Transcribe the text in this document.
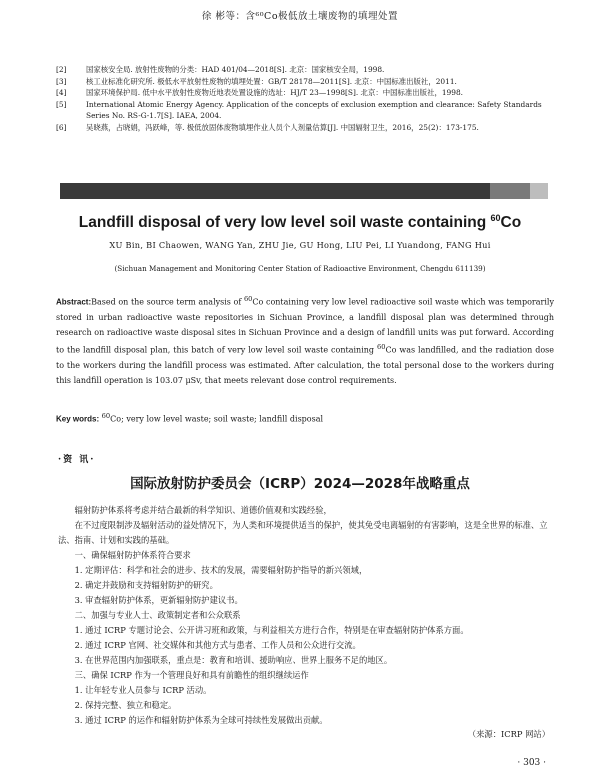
徐 彬等：含⁶⁰Co极低放土壤废物的填埋处置
[2]	国家核安全局. 放射性废物的分类：HAD 401/04—2018[S]. 北京：国家核安全局，1998.
[3]	核工业标准化研究所. 极低水平放射性废物的填埋处置：GB/T 28178—2011[S]. 北京：中国标准出版社，2011.
[4]	国家环境保护局. 低中水平放射性废物近地表处置设施的选址：HJ/T 23—1998[S]. 北京：中国标准出版社，1998.
[5]	International Atomic Energy Agency. Application of the concepts of exclusion exemption and clearance: Safety Standards Series No. RS-G-1.7[S]. IAEA, 2004.
[6]	吴晓燕，占晓娟，冯跃峰，等. 极低放固体废物填埋作业人员个人剂量估算[J]. 中国辐射卫生，2016，25(2)：173-175.
Landfill disposal of very low level soil waste containing $^{60}$Co
XU Bin, BI Chaowen, WANG Yan, ZHU Jie, GU Hong, LIU Pei, LI Yuandong, FANG Hui
(Sichuan Management and Monitoring Center Station of Radioactive Environment, Chengdu 611139)
Abstract:Based on the source term analysis of $^{60}$Co containing very low level radioactive soil waste which was temporarily stored in urban radioactive waste repositories in Sichuan Province, a landfill disposal plan was determined through research on radioactive waste disposal sites in Sichuan Province and a design of landfill units was put forward. According to the landfill disposal plan, this batch of very low level soil waste containing $^{60}$Co was landfilled, and the radiation dose to the workers during the landfill process was estimated. After calculation, the total personal dose to the workers during this landfill operation is 103.07 μSv, that meets relevant dose control requirements.
Key words: $^{60}$Co; very low level waste; soil waste; landfill disposal
·资 讯·
国际放射防护委员会（ICRP）2024—2028年战略重点

辐射防护体系将考虑并结合最新的科学知识、道德价值观和实践经验，

在不过度限制涉及辐射活动的益处情况下，为人类和环境提供适当的保护，使其免受电离辐射的有害影响，这是全世界的标准、立法、指南、计划和实践的基础。

一、确保辐射防护体系符合要求

1. 定期评估：科学和社会的进步、技术的发展，需要辐射防护指导的新兴领域，

2. 确定并鼓励和支持辐射防护的研究。

3. 审查辐射防护体系，更新辐射防护建议书。

二、加强与专业人士、政策制定者和公众联系

1. 通过 ICRP 专题讨论会、公开讲习班和政策，与利益相关方进行合作，特别是在审查辐射防护体系方面。

2. 通过 ICRP 官网、社交媒体和其他方式与患者、工作人员和公众进行交流。

3. 在世界范围内加强联系，重点是：教育和培训、援助响应、世界上服务不足的地区。

三、确保 ICRP 作为一个管理良好和具有前瞻性的组织继续运作

1. 让年轻专业人员参与 ICRP 活动。

2. 保持完整、独立和稳定。

3. 通过 ICRP 的运作和辐射防护体系为全球可持续性发展做出贡献。

（来源：ICRP 网站）
· 303 ·
